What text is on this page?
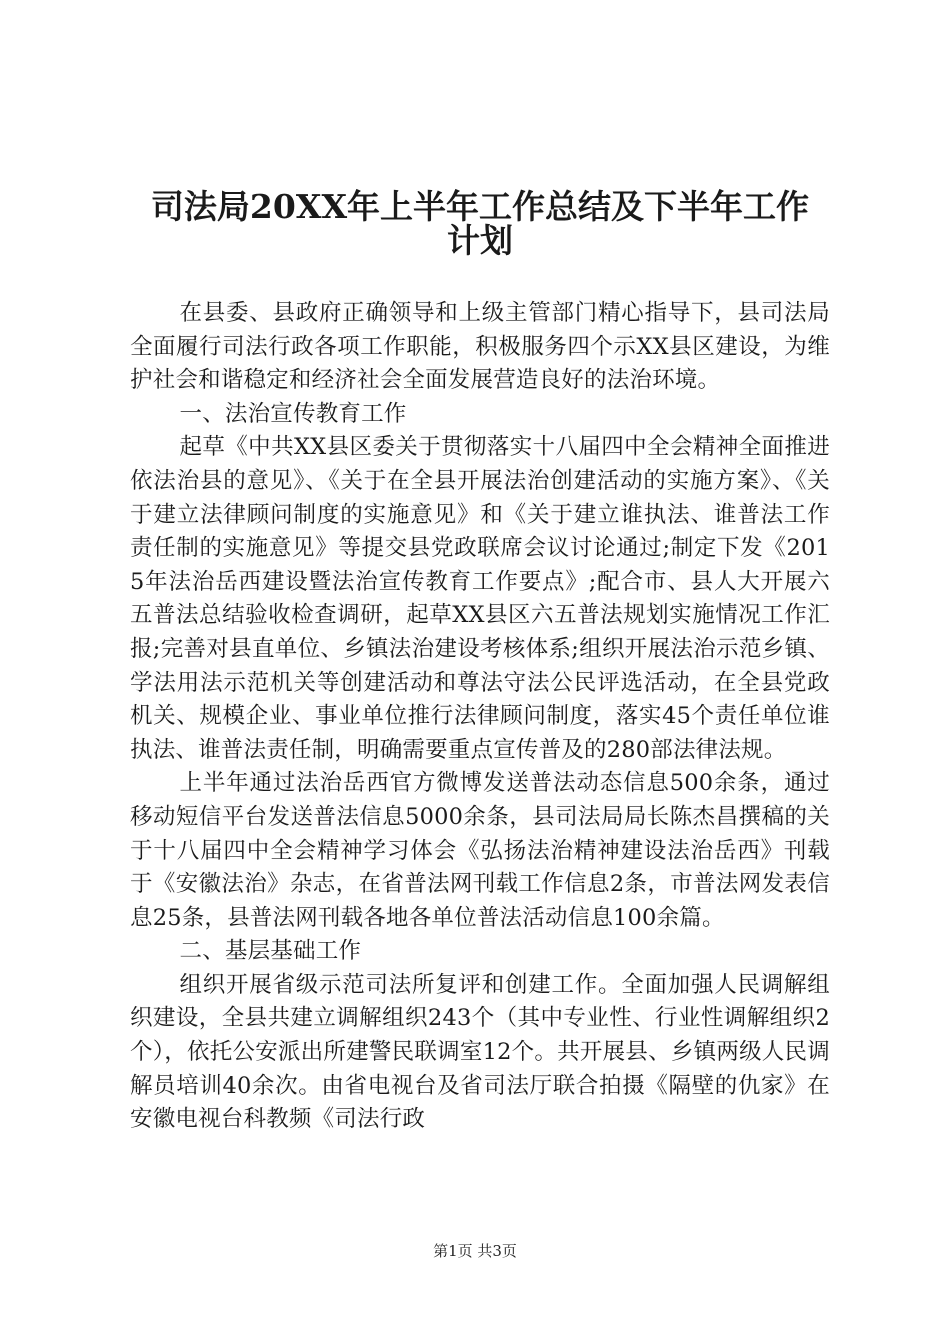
司法局20XX年上半年工作总结及下半年工作
计划

在县委、县政府正确领导和上级主管部门精心指导下，县司法局全面履行司法行政各项工作职能，积极服务四个示XX县区建设，为维护社会和谐稳定和经济社会全面发展营造良好的法治环境。

一、法治宣传教育工作

起草《中共XX县区委关于贯彻落实十八届四中全会精神全面推进依法治县的意见》、《关于在全县开展法治创建活动的实施方案》、《关于建立法律顾问制度的实施意见》和《关于建立谁执法、谁普法工作责任制的实施意见》等提交县党政联席会议讨论通过;制定下发《2015年法治岳西建设暨法治宣传教育工作要点》;配合市、县人大开展六五普法总结验收检查调研，起草XX县区六五普法规划实施情况工作汇报;完善对县直单位、乡镇法治建设考核体系;组织开展法治示范乡镇、学法用法示范机关等创建活动和尊法守法公民评选活动，在全县党政机关、规模企业、事业单位推行法律顾问制度，落实45个责任单位谁执法、谁普法责任制，明确需要重点宣传普及的280部法律法规。

上半年通过法治岳西官方微博发送普法动态信息500余条，通过移动短信平台发送普法信息5000余条，县司法局局长陈杰昌撰稿的关于十八届四中全会精神学习体会《弘扬法治精神建设法治岳西》刊载于《安徽法治》杂志，在省普法网刊载工作信息2条，市普法网发表信息25条，县普法网刊载各地各单位普法活动信息100余篇。

二、基层基础工作

组织开展省级示范司法所复评和创建工作。全面加强人民调解组织建设，全县共建立调解组织243个（其中专业性、行业性调解组织2个），依托公安派出所建警民联调室12个。共开展县、乡镇两级人民调解员培训40余次。由省电视台及省司法厅联合拍摄《隔壁的仇家》在安徽电视台科教频《司法行政

第1页 共3页
